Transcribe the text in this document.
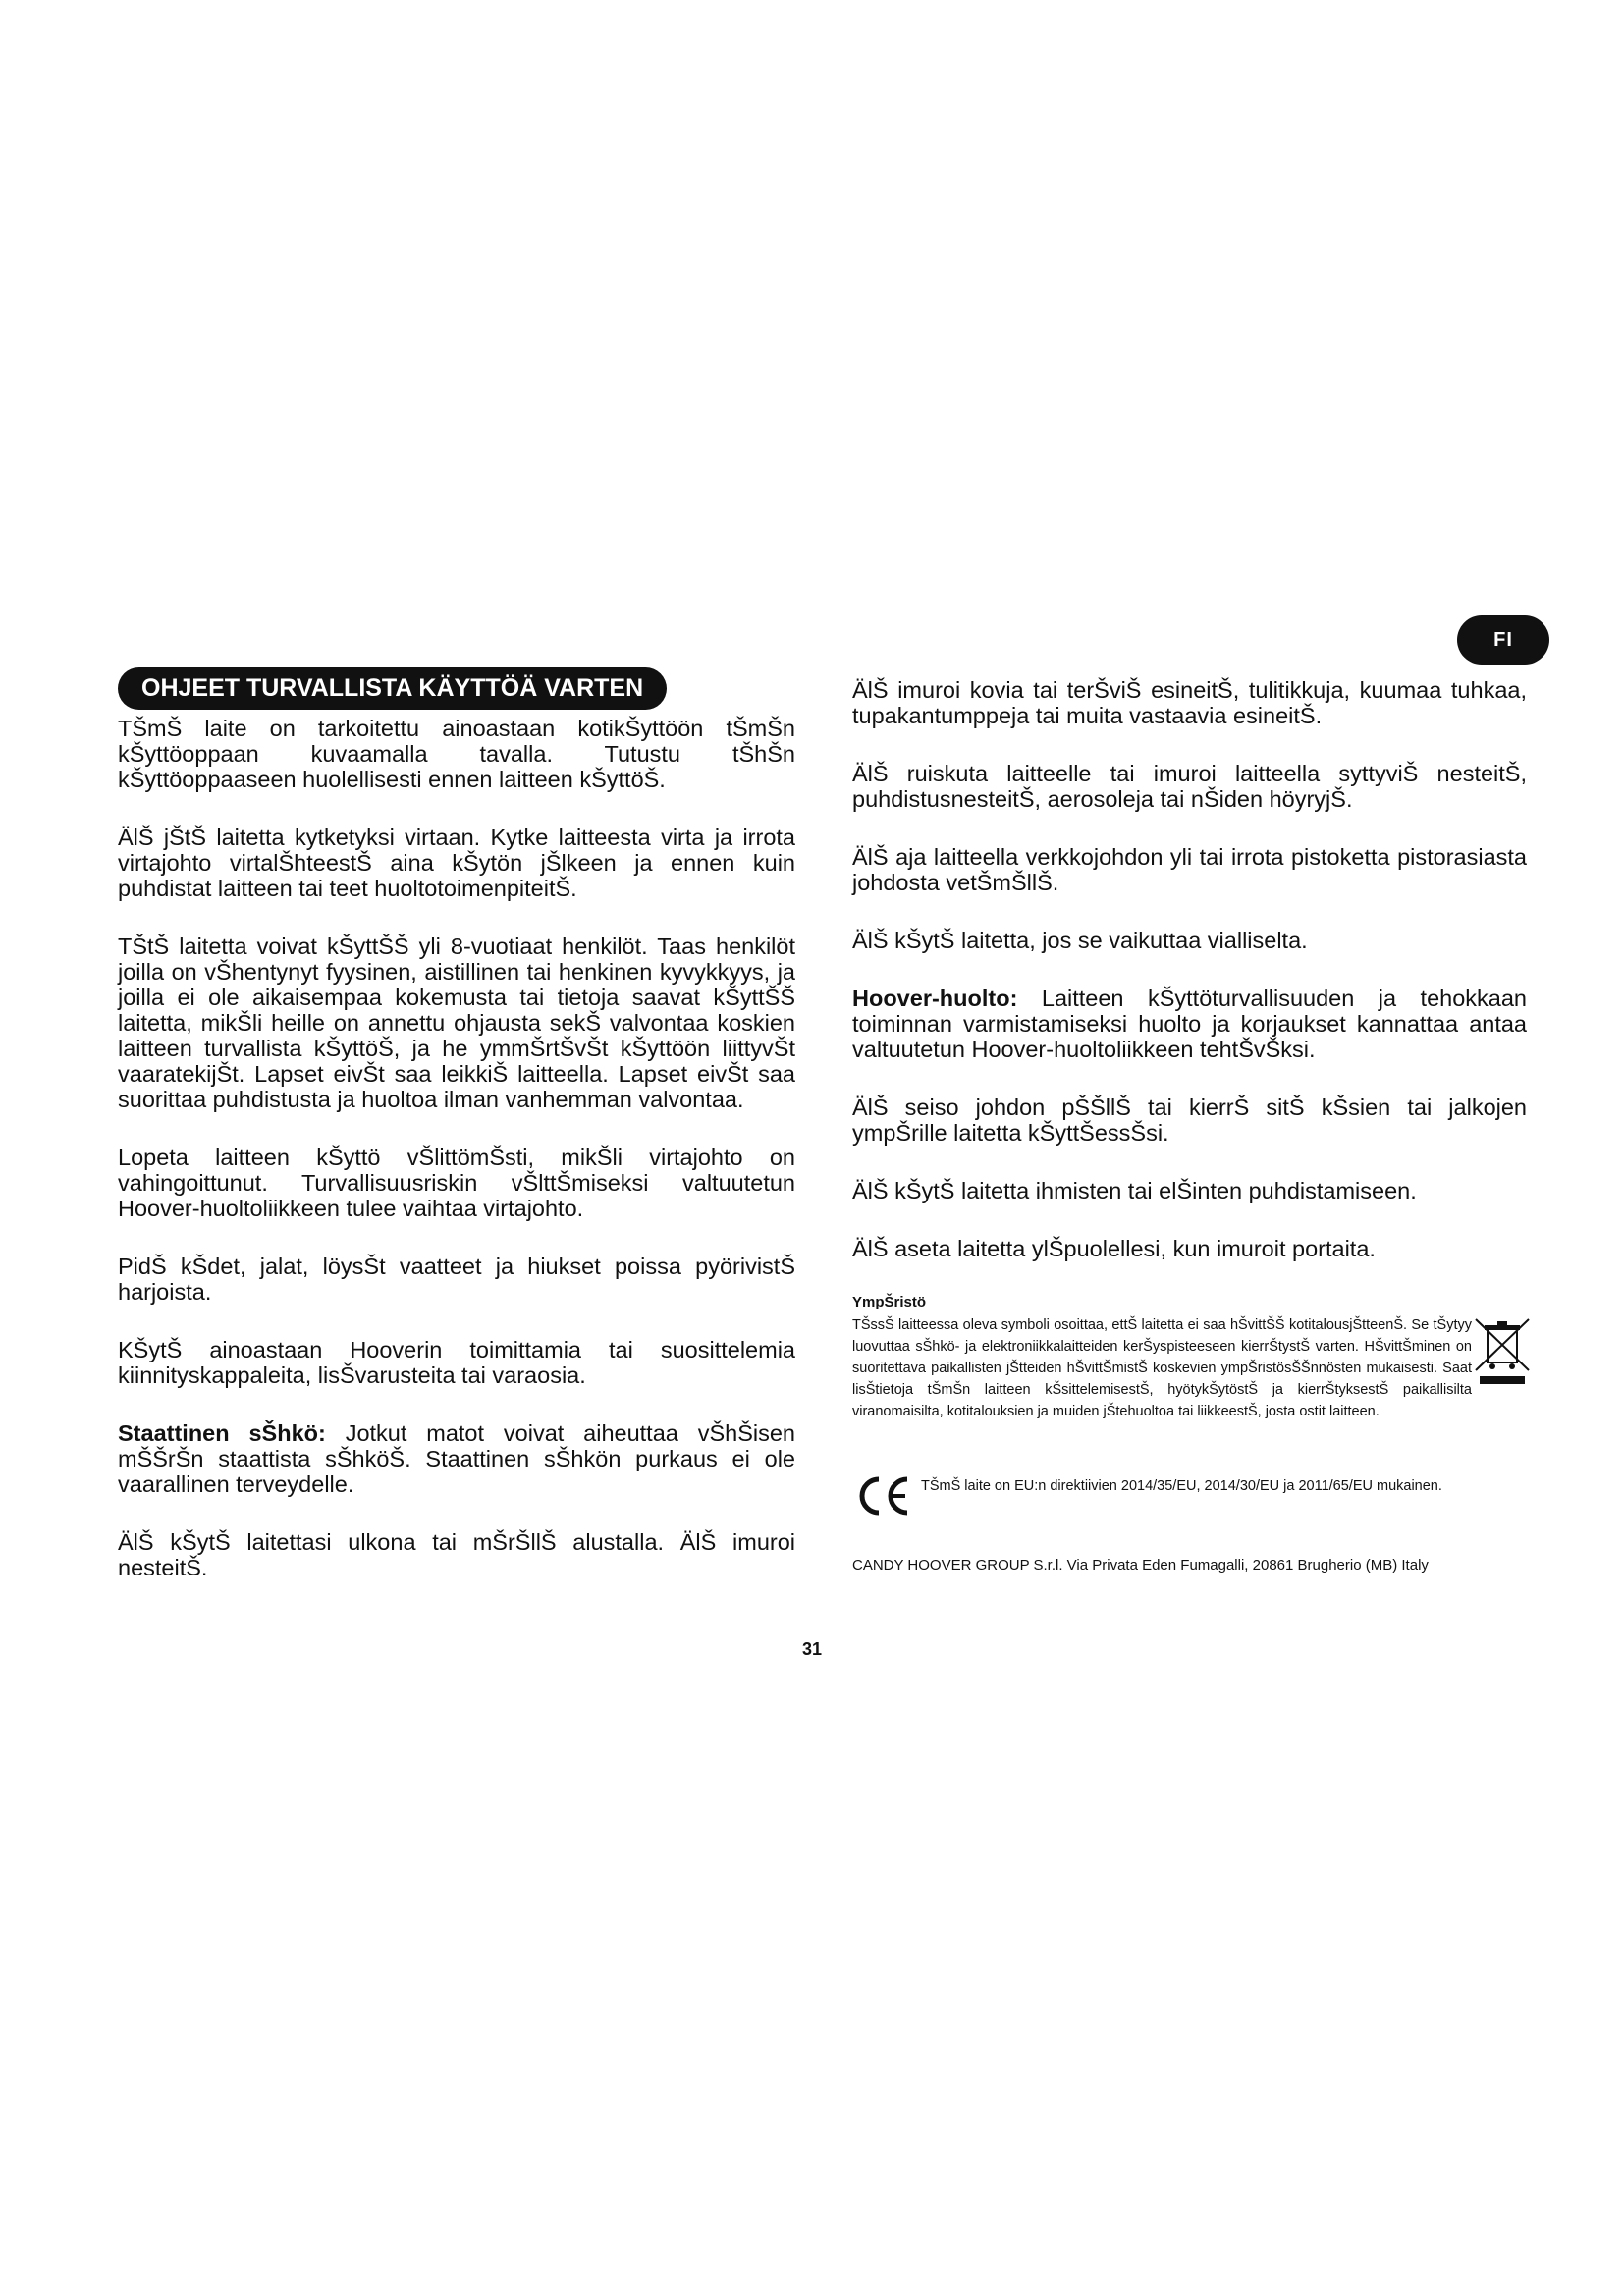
FI
OHJEET TURVALLISTA KÄYTTÖÄ VARTEN

TŠmŠ laite on tarkoitettu ainoastaan kotikŠyttöön tŠmŠn kŠyttöoppaan kuvaamalla tavalla. Tutustu tŠhŠn kŠyttöoppaaseen huolellisesti ennen laitteen kŠyttöŠ.

ÄlŠ jŠtŠ laitetta kytketyksi virtaan. Kytke laitteesta virta ja irrota virtajohto virtalŠhteestŠ aina kŠytön jŠlkeen ja ennen kuin puhdistat laitteen tai teet huoltotoimenpiteitŠ.

TŠtŠ laitetta voivat kŠyttŠŠ yli 8-vuotiaat henkilöt. Taas henkilöt joilla on vŠhentynyt fyysinen, aistillinen tai henkinen kyvykkyys, ja joilla ei ole aikaisempaa kokemusta tai tietoja saavat kŠyttŠŠ laitetta, mikŠli heille on annettu ohjausta sekŠ valvontaa koskien laitteen turvallista kŠyttöŠ, ja he ymmŠrtŠvŠt kŠyttöön liittyvŠt vaaratekijŠt. Lapset eivŠt saa leikkiŠ laitteella. Lapset eivŠt saa suorittaa puhdistusta ja huoltoa ilman vanhemman valvontaa.

Lopeta laitteen kŠyttö vŠlittömŠsti, mikŠli virtajohto on vahingoittunut. Turvallisuusriskin vŠlttŠmiseksi valtuutetun Hoover-huoltoliikkeen tulee vaihtaa virtajohto.

PidŠ kŠdet, jalat, löysŠt vaatteet ja hiukset poissa pyörivistŠ harjoista.

KŠytŠ ainoastaan Hooverin toimittamia tai suosittelemia kiinnityskappaleita, lisŠvarusteita tai varaosia.

Staattinen sŠhkö: Jotkut matot voivat aiheuttaa vŠhŠisen mŠŠrŠn staattista sŠhköŠ. Staattinen sŠhkön purkaus ei ole vaarallinen terveydelle.

ÄlŠ kŠytŠ laitettasi ulkona tai mŠrŠllŠ alustalla. ÄlŠ imuroi nesteitŠ.

ÄlŠ imuroi kovia tai terŠviŠ esineitŠ, tulitikkuja, kuumaa tuhkaa, tupakantumppeja tai muita vastaavia esineitŠ.

ÄlŠ ruiskuta laitteelle tai imuroi laitteella syttyviŠ nesteitŠ, puhdistusnesteitŠ, aerosoleja tai nŠiden höyryjŠ.

ÄlŠ aja laitteella verkkojohdon yli tai irrota pistoketta pistorasiasta johdosta vetŠmŠllŠ.

ÄlŠ kŠytŠ laitetta, jos se vaikuttaa vialliselta.

Hoover-huolto: Laitteen kŠyttöturvallisuuden ja tehokkaan toiminnan varmistamiseksi huolto ja korjaukset kannattaa antaa valtuutetun Hoover-huoltoliikkeen tehtŠvŠksi.

ÄlŠ seiso johdon pŠŠllŠ tai kierrŠ sitŠ kŠsien tai jalkojen ympŠrille laitetta kŠyttŠessŠsi.

ÄlŠ kŠytŠ laitetta ihmisten tai elŠinten puhdistamiseen.

ÄlŠ aseta laitetta ylŠpuolellesi, kun imuroit portaita.

YmpŠristö

TŠssŠ laitteessa oleva symboli osoittaa, ettŠ laitetta ei saa hŠvittŠŠ kotitalousjŠtteenŠ. Se tŠytyy luovuttaa sŠhkö- ja elektroniikkalaitteiden kerŠyspisteeseen kierrŠtystŠ varten. HŠvittŠminen on suoritettava paikallisten jŠtteiden hŠvittŠmistŠ koskevien ympŠristösŠŠnnösten mukaisesti. Saat lisŠtietoja tŠmŠn laitteen kŠsittelemisestŠ, hyötykŠytöstŠ ja kierrŠtyksestŠ paikallisilta viranomaisilta, kotitalouksien ja muiden jŠtehuoltoa tai liikkeestŠ, josta ostit laitteen.

TŠmŠ laite on EU:n direktiivien 2014/35/EU, 2014/30/EU ja 2011/65/EU mukainen.

CANDY HOOVER GROUP S.r.l. Via Privata Eden Fumagalli, 20861 Brugherio (MB) Italy

31
